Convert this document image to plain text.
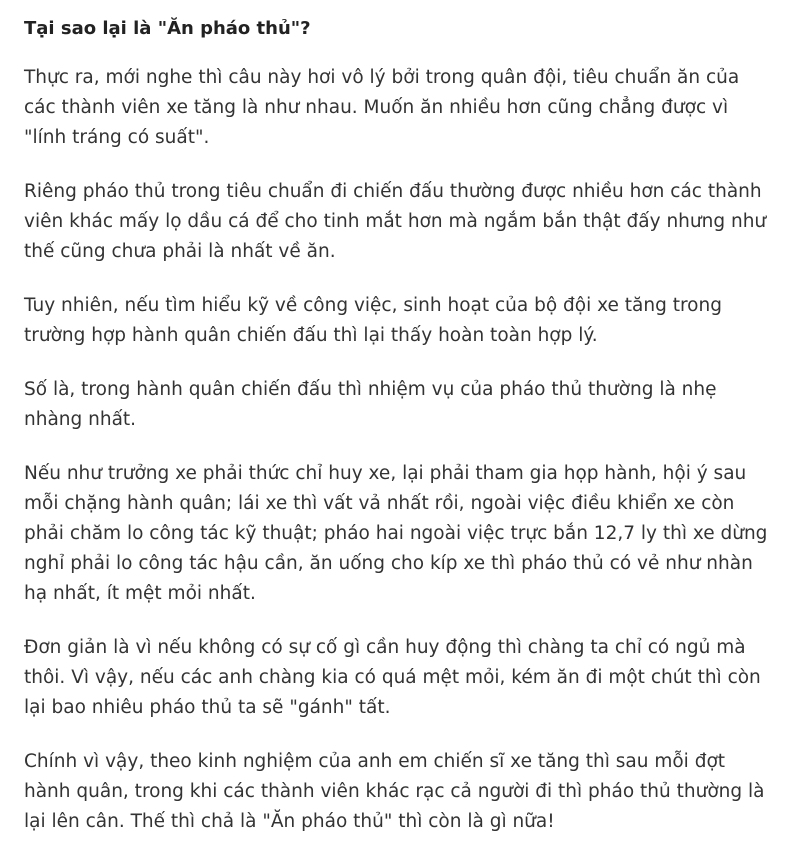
Tại sao lại là "Ăn pháo thủ"?

Thực ra, mới nghe thì câu này hơi vô lý bởi trong quân đội, tiêu chuẩn ăn của các thành viên xe tăng là như nhau. Muốn ăn nhiều hơn cũng chẳng được vì "lính tráng có suất".

Riêng pháo thủ trong tiêu chuẩn đi chiến đấu thường được nhiều hơn các thành viên khác mấy lọ dầu cá để cho tinh mắt hơn mà ngắm bắn thật đấy nhưng như thế cũng chưa phải là nhất về ăn.

Tuy nhiên, nếu tìm hiểu kỹ về công việc, sinh hoạt của bộ đội xe tăng trong trường hợp hành quân chiến đấu thì lại thấy hoàn toàn hợp lý.

Số là, trong hành quân chiến đấu thì nhiệm vụ của pháo thủ thường là nhẹ nhàng nhất.

Nếu như trưởng xe phải thức chỉ huy xe, lại phải tham gia họp hành, hội ý sau mỗi chặng hành quân; lái xe thì vất vả nhất rồi, ngoài việc điều khiển xe còn phải chăm lo công tác kỹ thuật; pháo hai ngoài việc trực bắn 12,7 ly thì xe dừng nghỉ phải lo công tác hậu cần, ăn uống cho kíp xe thì pháo thủ có vẻ như nhàn hạ nhất, ít mệt mỏi nhất.

Đơn giản là vì nếu không có sự cố gì cần huy động thì chàng ta chỉ có ngủ mà thôi. Vì vậy, nếu các anh chàng kia có quá mệt mỏi, kém ăn đi một chút thì còn lại bao nhiêu pháo thủ ta sẽ "gánh" tất.

Chính vì vậy, theo kinh nghiệm của anh em chiến sĩ xe tăng thì sau mỗi đợt hành quân, trong khi các thành viên khác rạc cả người đi thì pháo thủ thường là lại lên cân. Thế thì chả là "Ăn pháo thủ" thì còn là gì nữa!
